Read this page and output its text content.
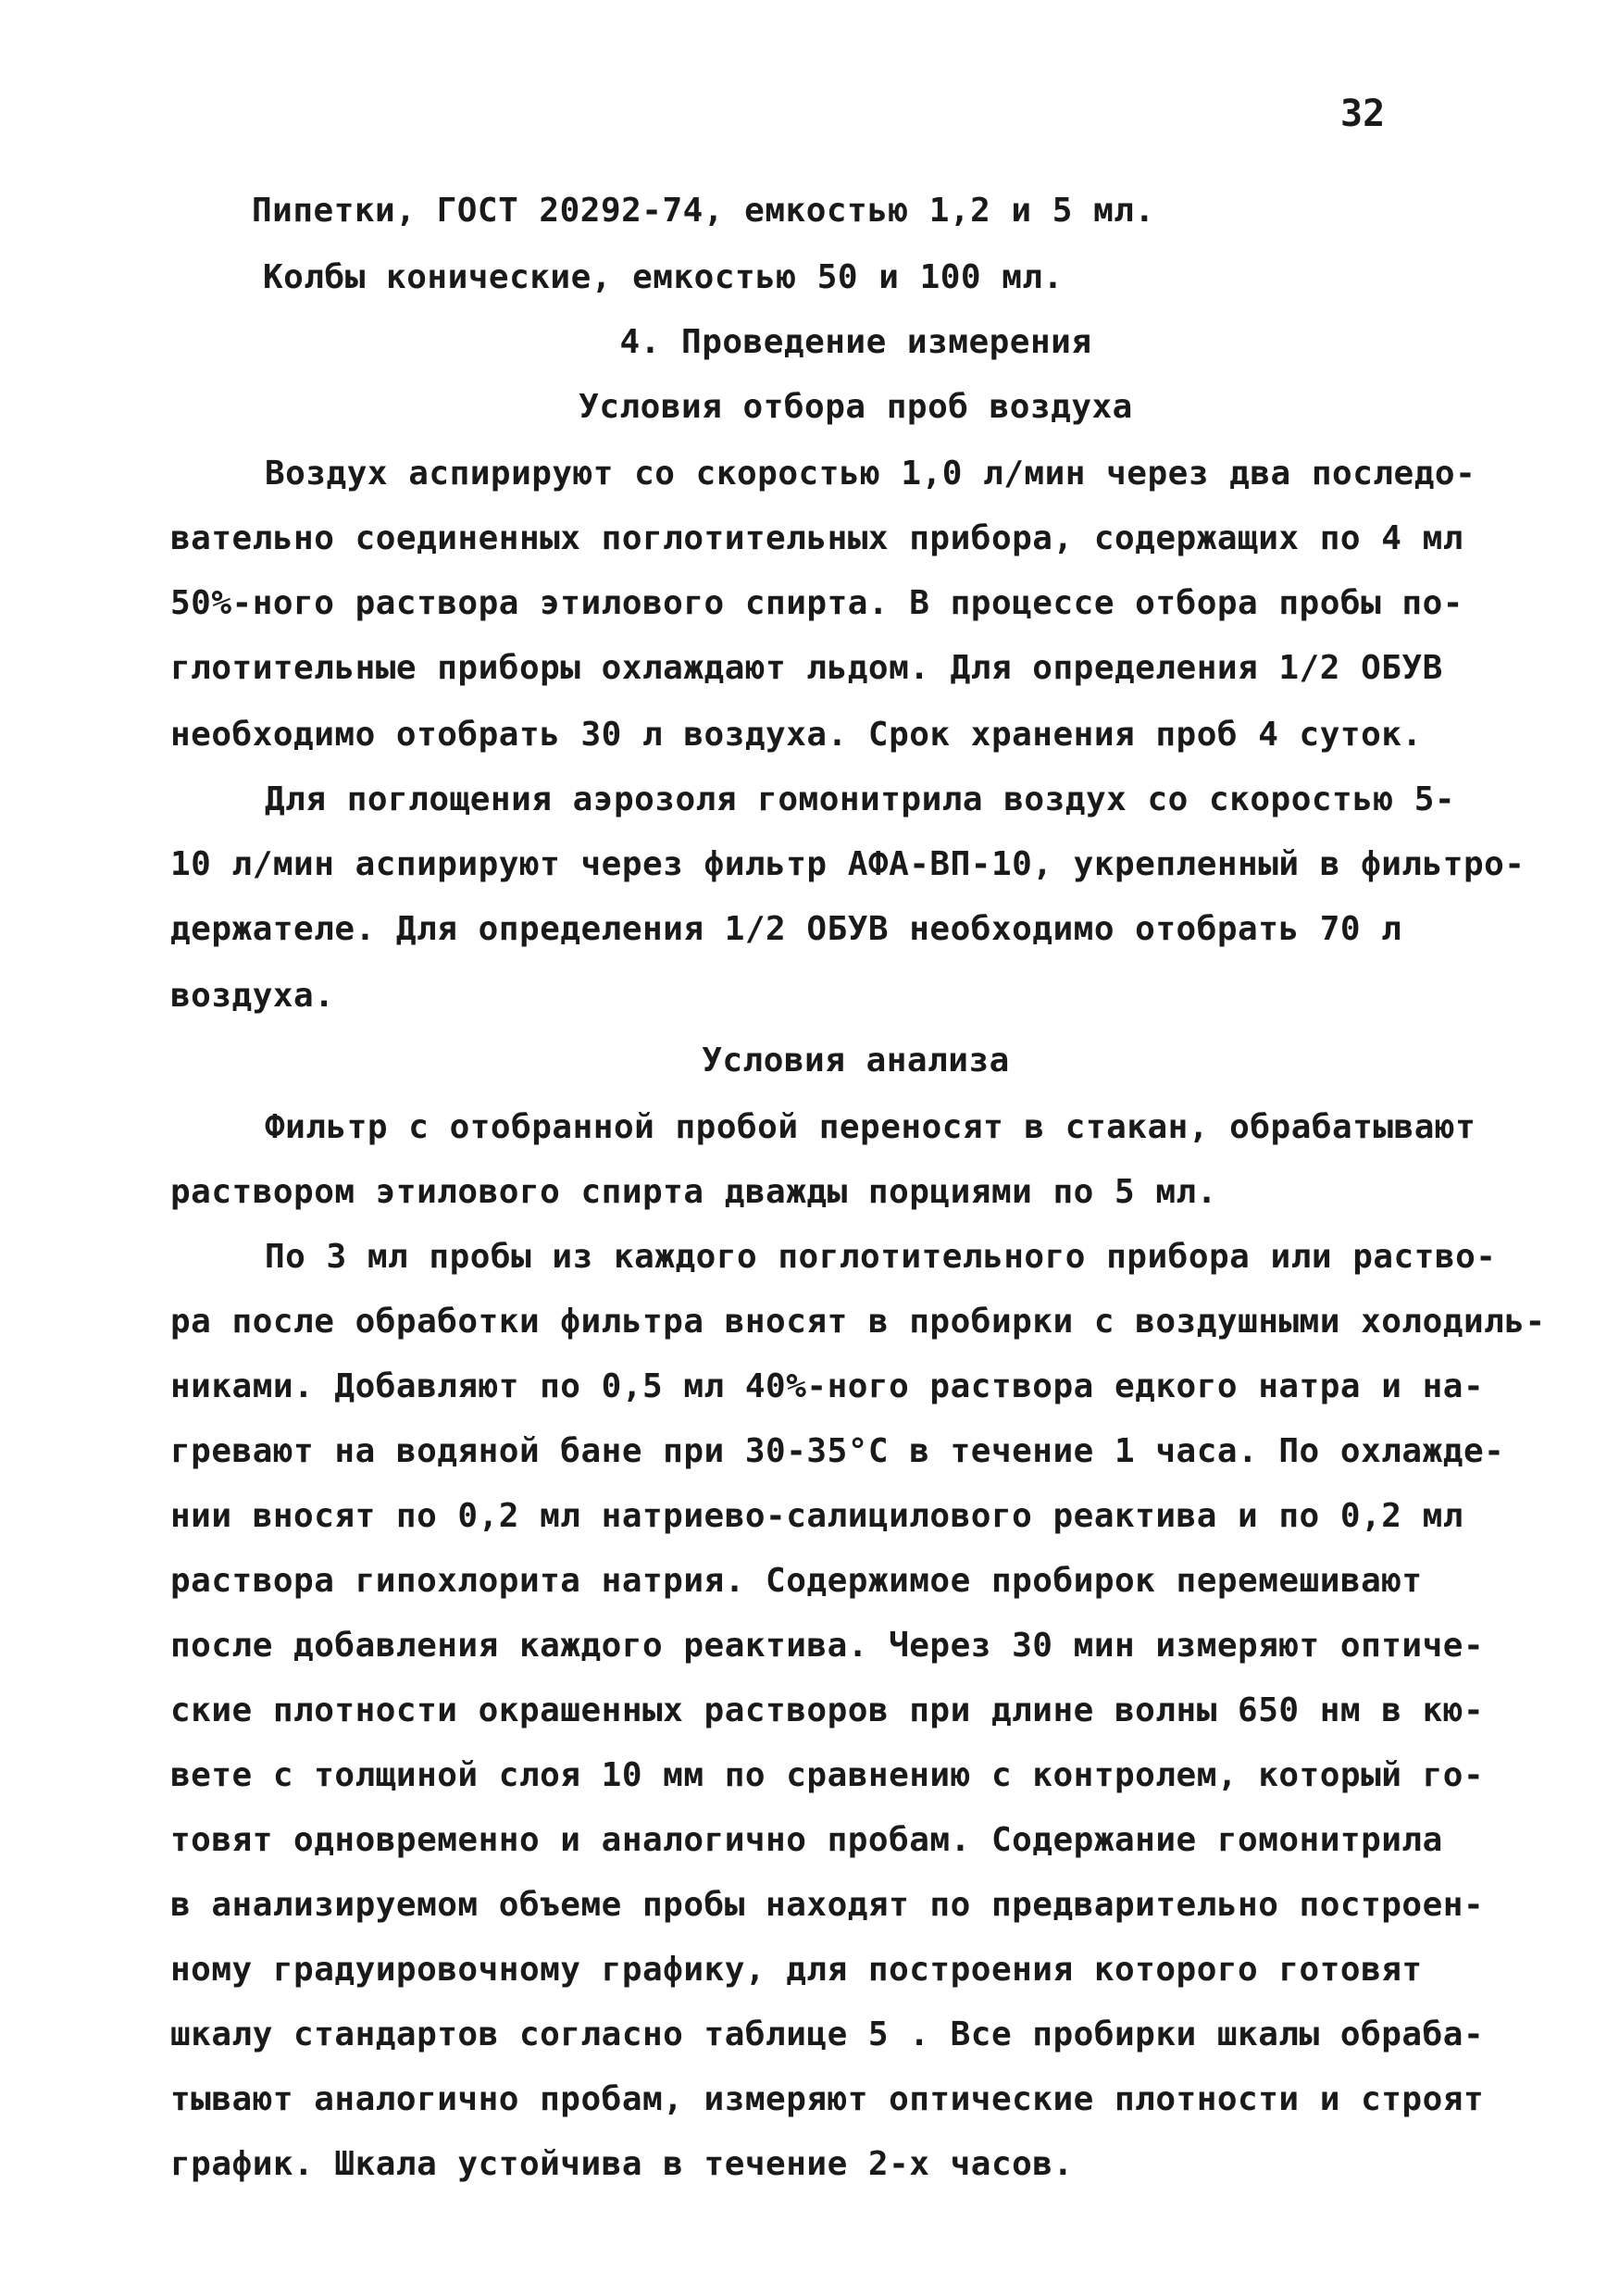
32
Пипетки, ГОСТ 20292-74, емкостью 1,2 и 5 мл.
Колбы конические, емкостью 50 и 100 мл.
4. Проведение измерения
Условия отбора проб воздуха
Воздух аспирируют со скоростью 1,0 л/мин через два последо-
вательно соединенных поглотительных прибора, содержащих по 4 мл
50%-ного раствора этилового спирта. В процессе отбора пробы по-
глотительные приборы охлаждают льдом. Для определения 1/2 ОБУВ
необходимо отобрать 30 л воздуха. Срок хранения проб 4 суток.
Для поглощения аэрозоля гомонитрила воздух со скоростью 5-
10 л/мин аспирируют через фильтр АФА-ВП-10, укрепленный в фильтро-
держателе. Для определения 1/2 ОБУВ необходимо отобрать 70 л
воздуха.
Условия анализа
Фильтр с отобранной пробой переносят в стакан, обрабатывают
раствором этилового спирта дважды порциями по 5 мл.
По 3 мл пробы из каждого поглотительного прибора или раство-
ра после обработки фильтра вносят в пробирки с воздушными холодиль-
никами. Добавляют по 0,5 мл 40%-ного раствора едкого натра и на-
гревают на водяной бане при 30-35°С в течение 1 часа. По охлажде-
нии вносят по 0,2 мл натриево-салицилового реактива и по 0,2 мл
раствора гипохлорита натрия. Содержимое пробирок перемешивают
после добавления каждого реактива. Через 30 мин измеряют оптиче-
ские плотности окрашенных растворов при длине волны 650 нм в кю-
вете с толщиной слоя 10 мм по сравнению с контролем, который го-
товят одновременно и аналогично пробам. Содержание гомонитрила
в анализируемом объеме пробы находят по предварительно построен-
ному градуировочному графику, для построения которого готовят
шкалу стандартов согласно таблице 5 . Все пробирки шкалы обраба-
тывают аналогично пробам, измеряют оптические плотности и строят
график. Шкала устойчива в течение 2-х часов.
